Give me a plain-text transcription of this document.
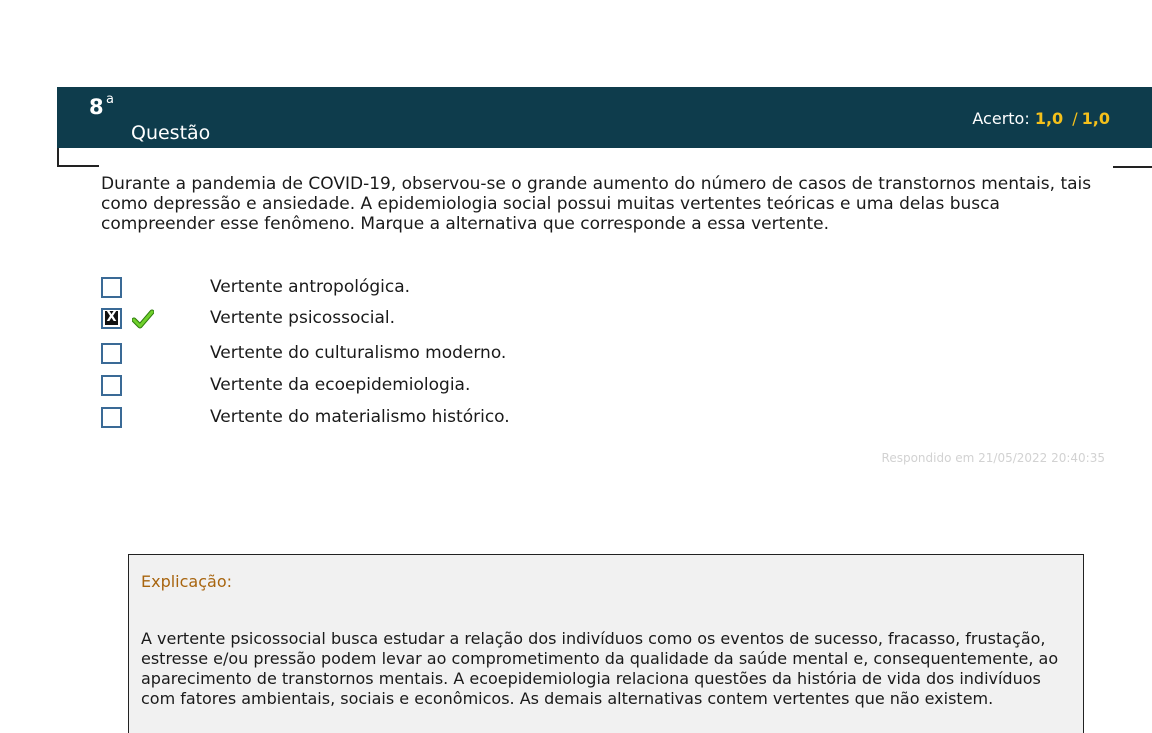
8 a
Questão
Acerto: 1,0 / 1,0
Durante a pandemia de COVID-19, observou-se o grande aumento do número de casos de transtornos mentais, tais como depressão e ansiedade. A epidemiologia social possui muitas vertentes teóricas e uma delas busca compreender esse fenômeno. Marque a alternativa que corresponde a essa vertente.
Vertente antropológica.
X	Vertente psicossocial.
Vertente do culturalismo moderno.
Vertente da ecoepidemiologia.
Vertente do materialismo histórico.
Respondido em 21/05/2022 20:40:35
Explicação:
A vertente psicossocial busca estudar a relação dos indivíduos como os eventos de sucesso, fracasso, frustação, estresse e/ou pressão podem levar ao comprometimento da qualidade da saúde mental e, consequentemente, ao aparecimento de transtornos mentais. A ecoepidemiologia relaciona questões da história de vida dos indivíduos com fatores ambientais, sociais e econômicos. As demais alternativas contem vertentes que não existem.
